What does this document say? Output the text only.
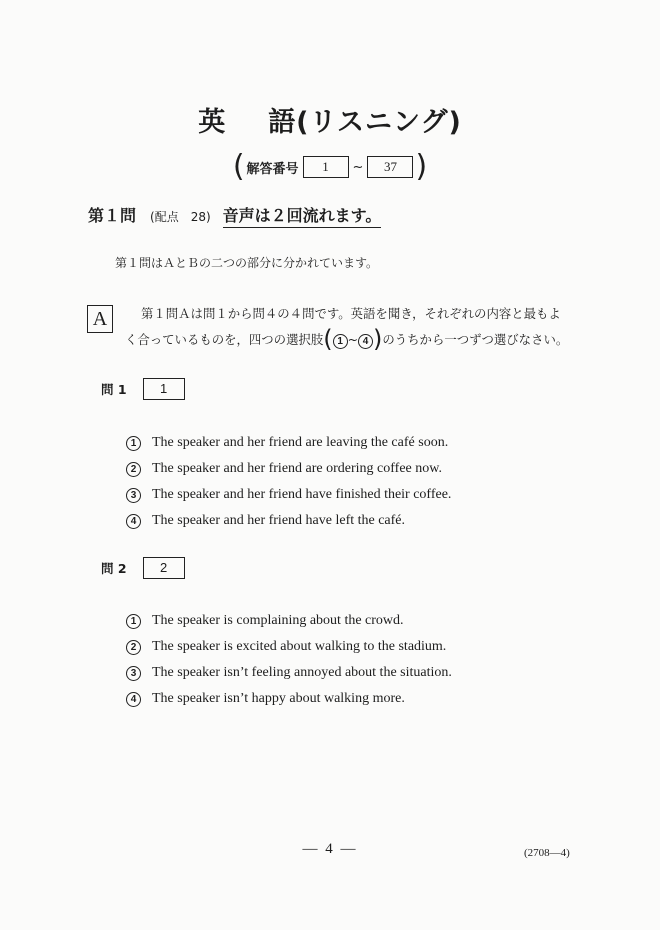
英 語(リスニング)
( 解答番号	1	~	37 )
第１問 (配点　28) 音声は２回流れます。
第１問はＡとＢの二つの部分に分かれています。
A	第１問Ａは問１から問４の４問です。英語を聞き，それぞれの内容と最もよ
く合っているものを，四つの選択肢( 1 ~ 4 )のうちから一つずつ選びなさい。
問 1	1
1	The speaker and her friend are leaving the café soon.
2	The speaker and her friend are ordering coffee now.
3	The speaker and her friend have finished their coffee.
4	The speaker and her friend have left the café.
問 2	2
1	The speaker is complaining about the crowd.
2	The speaker is excited about walking to the stadium.
3	The speaker isn’t feeling annoyed about the situation.
4	The speaker isn’t happy about walking more.
— 4 —	(2708—4)
